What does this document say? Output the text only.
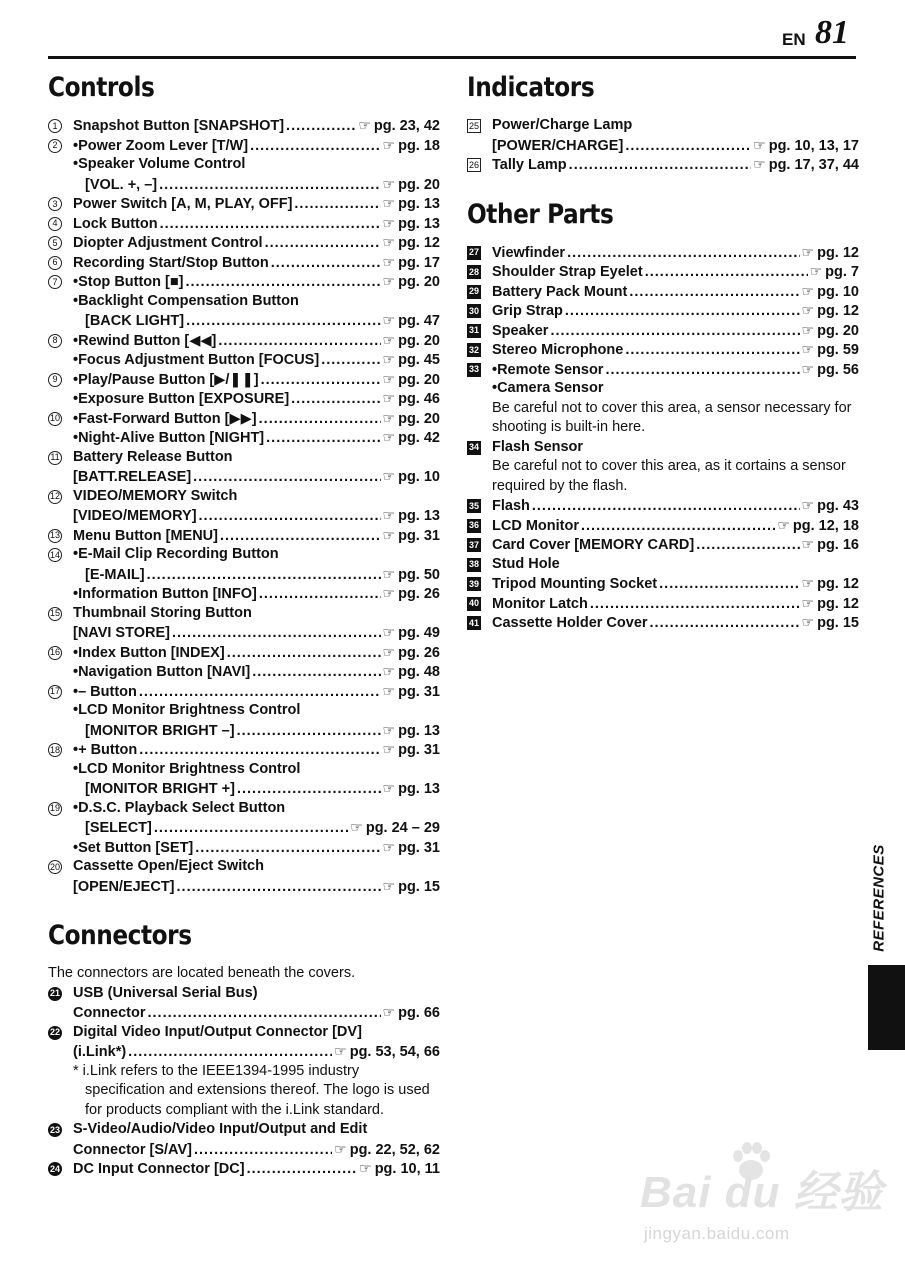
EN 81
Controls
1	Snapshot Button [SNAPSHOT] .....	☞ pg. 23, 42
2	•Power Zoom Lever [T/W] .....	☞ pg. 18
•Speaker Volume Control
[VOL. +, –] .....	☞ pg. 20
3	Power Switch [A, M, PLAY, OFF] .....	☞ pg. 13
4	Lock Button .....	☞ pg. 13
5	Diopter Adjustment Control .....	☞ pg. 12
6	Recording Start/Stop Button .....	☞ pg. 17
7	•Stop Button [■] .....	☞ pg. 20
•Backlight Compensation Button
[BACK LIGHT] .....	☞ pg. 47
8	•Rewind Button [◀◀] .....	☞ pg. 20
•Focus Adjustment Button [FOCUS] .....	☞ pg. 45
9	•Play/Pause Button [▶/❚❚] .....	☞ pg. 20
•Exposure Button [EXPOSURE] .....	☞ pg. 46
10 •Fast-Forward Button [▶▶] .....	☞ pg. 20
•Night-Alive Button [NIGHT] .....	☞ pg. 42
11 Battery Release Button
[BATT.RELEASE] .....	☞ pg. 10
12 VIDEO/MEMORY Switch
[VIDEO/MEMORY] .....	☞ pg. 13
13 Menu Button [MENU] .....	☞ pg. 31
14 •E-Mail Clip Recording Button
[E-MAIL] .....	☞ pg. 50
•Information Button [INFO] .....	☞ pg. 26
15 Thumbnail Storing Button
[NAVI STORE] .....	☞ pg. 49
16 •Index Button [INDEX] .....	☞ pg. 26
•Navigation Button [NAVI] .....	☞ pg. 48
17 •– Button .....	☞ pg. 31
•LCD Monitor Brightness Control
[MONITOR BRIGHT –] .....	☞ pg. 13
18 •+ Button .....	☞ pg. 31
•LCD Monitor Brightness Control
[MONITOR BRIGHT +] .....	☞ pg. 13
19 •D.S.C. Playback Select Button
[SELECT] .....	☞ pg. 24 – 29
•Set Button [SET] .....	☞ pg. 31
20 Cassette Open/Eject Switch
[OPEN/EJECT] .....	☞ pg. 15
Connectors
The connectors are located beneath the covers.
21 USB (Universal Serial Bus)
Connector .....	☞ pg. 66
22 Digital Video Input/Output Connector [DV]
(i.Link*) .....	☞ pg. 53, 54, 66
* i.Link refers to the IEEE1394-1995 industry specification and extensions thereof. The logo is used for products compliant with the i.Link standard.
23 S-Video/Audio/Video Input/Output and Edit
Connector [S/AV] .....	☞ pg. 22, 52, 62
24 DC Input Connector [DC] .....	☞ pg. 10, 11
Indicators
25 Power/Charge Lamp
[POWER/CHARGE] .....	☞ pg. 10, 13, 17
26 Tally Lamp .....	☞ pg. 17, 37, 44
Other Parts
27 Viewfinder .....	☞ pg. 12
28 Shoulder Strap Eyelet .....	☞ pg. 7
29 Battery Pack Mount .....	☞ pg. 10
30 Grip Strap .....	☞ pg. 12
31 Speaker .....	☞ pg. 20
32 Stereo Microphone .....	☞ pg. 59
33 •Remote Sensor .....	☞ pg. 56
•Camera Sensor
Be careful not to cover this area, a sensor necessary for shooting is built-in here.
34 Flash Sensor
Be careful not to cover this area, as it cortains a sensor required by the flash.
35 Flash .....	☞ pg. 43
36 LCD Monitor .....	☞ pg. 12, 18
37 Card Cover [MEMORY CARD] .....	☞ pg. 16
38 Stud Hole
39 Tripod Mounting Socket .....	☞ pg. 12
40 Monitor Latch .....	☞ pg. 12
41 Cassette Holder Cover .....	☞ pg. 15
REFERENCES
Bai du 经验
jingyan.baidu.com
